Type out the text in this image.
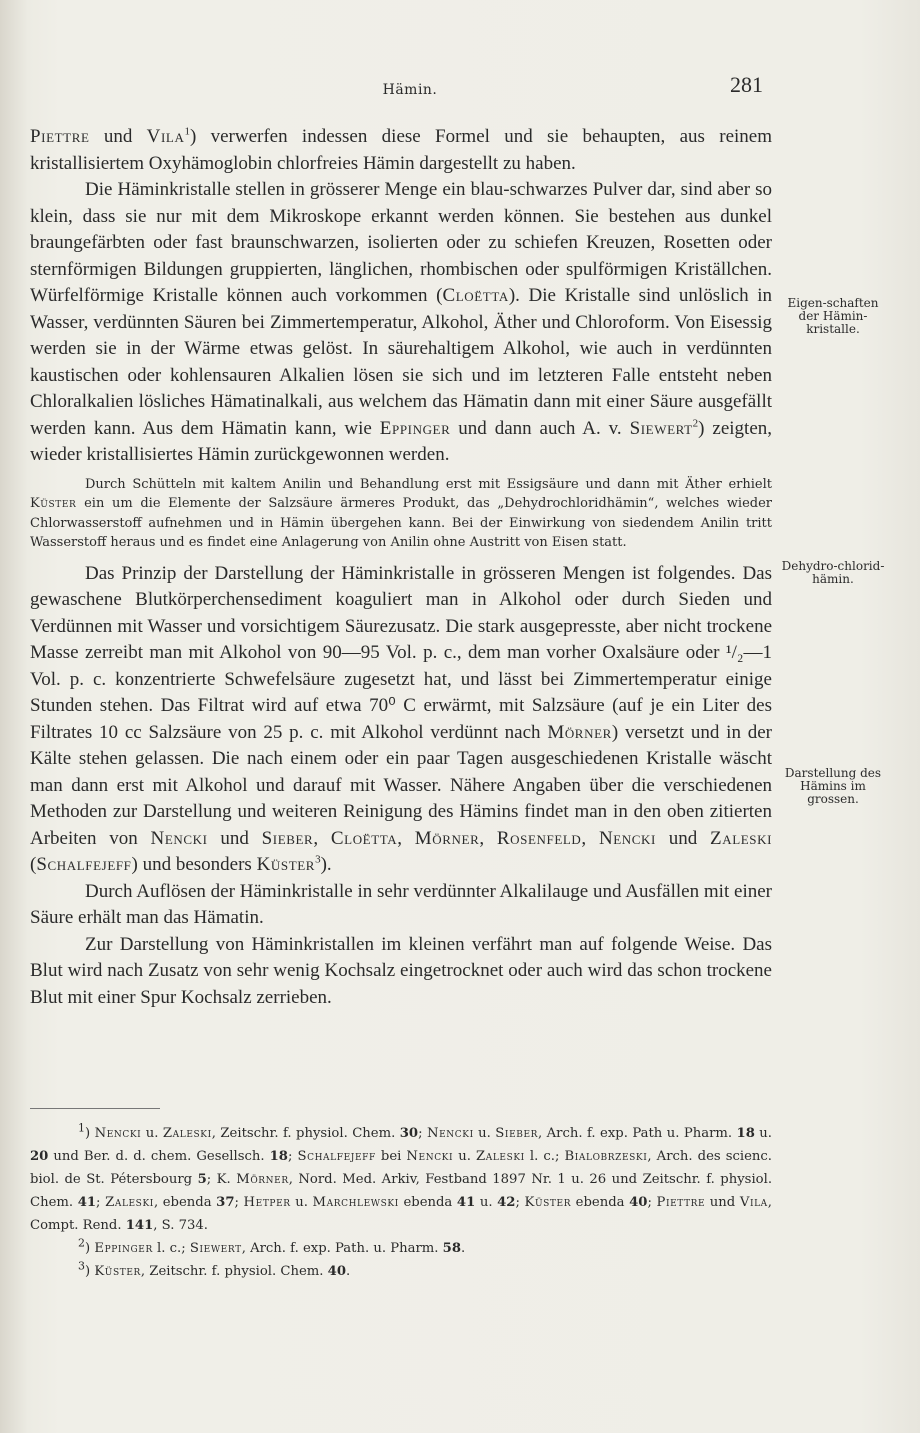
Hämin.	281
Eigen-schaften der Hämin-kristalle.
Dehydro-chlorid-hämin.
Darstellung des Hämins im grossen.

Piettre und Vila$^1$) verwerfen indessen diese Formel und sie behaupten, aus reinem kristallisiertem Oxyhämoglobin chlorfreies Hämin dargestellt zu haben.

Die Häminkristalle stellen in grösserer Menge ein blau-schwarzes Pulver dar, sind aber so klein, dass sie nur mit dem Mikroskope erkannt werden können. Sie bestehen aus dunkel braungefärbten oder fast braunschwarzen, isolierten oder zu schiefen Kreuzen, Rosetten oder sternförmigen Bildungen gruppierten, länglichen, rhombischen oder spulförmigen Kriställchen. Würfelförmige Kristalle können auch vorkommen (Cloëtta). Die Kristalle sind unlöslich in Wasser, verdünnten Säuren bei Zimmertemperatur, Alkohol, Äther und Chloroform. Von Eisessig werden sie in der Wärme etwas gelöst. In säurehaltigem Alkohol, wie auch in verdünnten kaustischen oder kohlensauren Alkalien lösen sie sich und im letzteren Falle entsteht neben Chloralkalien lösliches Hämatinalkali, aus welchem das Hämatin dann mit einer Säure ausgefällt werden kann. Aus dem Hämatin kann, wie Eppinger und dann auch A. v. Siewert$^2$) zeigten, wieder kristallisiertes Hämin zurückgewonnen werden.

Durch Schütteln mit kaltem Anilin und Behandlung erst mit Essigsäure und dann mit Äther erhielt Küster ein um die Elemente der Salzsäure ärmeres Produkt, das „Dehydrochloridhämin“, welches wieder Chlorwasserstoff aufnehmen und in Hämin übergehen kann. Bei der Einwirkung von siedendem Anilin tritt Wasserstoff heraus und es findet eine Anlagerung von Anilin ohne Austritt von Eisen statt.

Das Prinzip der Darstellung der Häminkristalle in grösseren Mengen ist folgendes. Das gewaschene Blutkörperchensediment koaguliert man in Alkohol oder durch Sieden und Verdünnen mit Wasser und vorsichtigem Säurezusatz. Die stark ausgepresste, aber nicht trockene Masse zerreibt man mit Alkohol von 90—95 Vol. p. c., dem man vorher Oxalsäure oder ¹/₂—1 Vol. p. c. konzentrierte Schwefelsäure zugesetzt hat, und lässt bei Zimmertemperatur einige Stunden stehen. Das Filtrat wird auf etwa 70⁰ C erwärmt, mit Salzsäure (auf je ein Liter des Filtrates 10 cc Salzsäure von 25 p. c. mit Alkohol verdünnt nach Mörner) versetzt und in der Kälte stehen gelassen. Die nach einem oder ein paar Tagen ausgeschiedenen Kristalle wäscht man dann erst mit Alkohol und darauf mit Wasser. Nähere Angaben über die verschiedenen Methoden zur Darstellung und weiteren Reinigung des Hämins findet man in den oben zitierten Arbeiten von Nencki und Sieber, Cloëtta, Mörner, Rosenfeld, Nencki und Zaleski (Schalfejeff) und besonders Küster$^3$).

Durch Auflösen der Häminkristalle in sehr verdünnter Alkalilauge und Ausfällen mit einer Säure erhält man das Hämatin.

Zur Darstellung von Häminkristallen im kleinen verfährt man auf folgende Weise. Das Blut wird nach Zusatz von sehr wenig Kochsalz eingetrocknet oder auch wird das schon trockene Blut mit einer Spur Kochsalz zerrieben.

$^1$) Nencki u. Zaleski, Zeitschr. f. physiol. Chem. 30; Nencki u. Sieber, Arch. f. exp. Path u. Pharm. 18 u. 20 und Ber. d. d. chem. Gesellsch. 18; Schalfejeff bei Nencki u. Zaleski l. c.; Bialobrzeski, Arch. des scienc. biol. de St. Pétersbourg 5; K. Mörner, Nord. Med. Arkiv, Festband 1897 Nr. 1 u. 26 und Zeitschr. f. physiol. Chem. 41; Zaleski, ebenda 37; Hetper u. Marchlewski ebenda 41 u. 42; Küster ebenda 40; Piettre und Vila, Compt. Rend. 141, S. 734.

$^2$) Eppinger l. c.; Siewert, Arch. f. exp. Path. u. Pharm. 58.

$^3$) Küster, Zeitschr. f. physiol. Chem. 40.
